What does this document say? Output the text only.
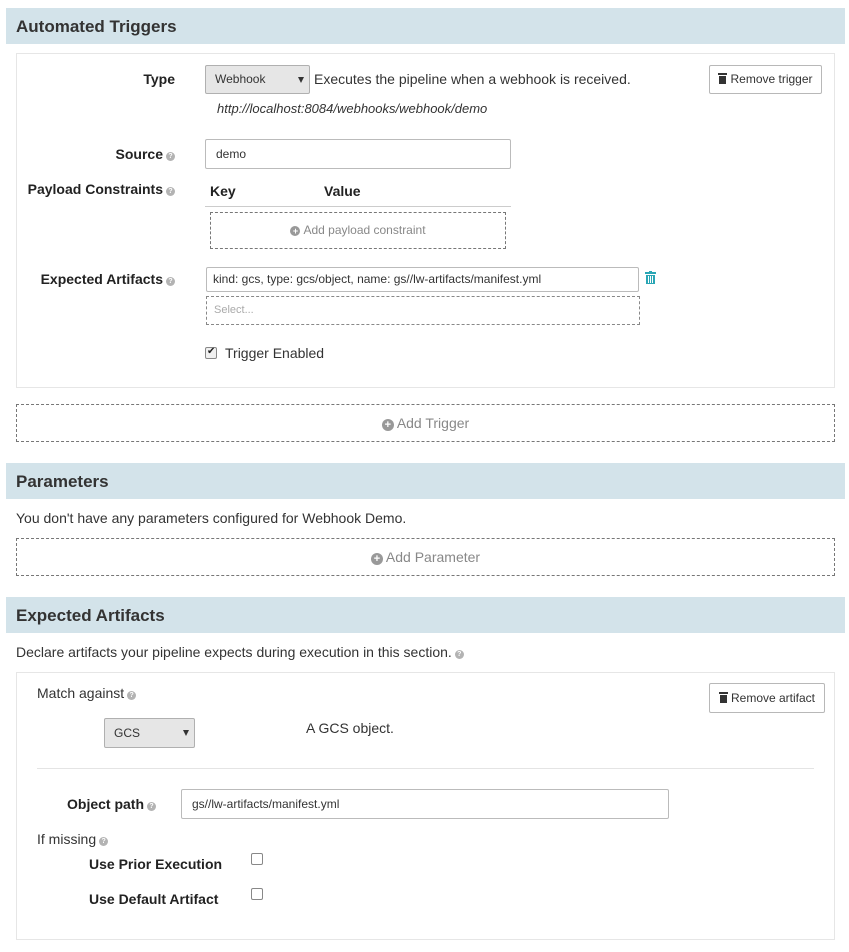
Automated Triggers
Type	Webhook	Executes the pipeline when a webhook is received.	Remove trigger
http://localhost:8084/webhooks/webhook/demo
Source ?	demo
Payload Constraints ?	Key	Value
+ Add payload constraint
Expected Artifacts ?	kind: gcs, type: gcs/object, name: gs//lw-artifacts/manifest.yml
Select...
✔
Trigger Enabled
+ Add Trigger
Parameters
You don't have any parameters configured for Webhook Demo.
+ Add Parameter
Expected Artifacts
Declare artifacts your pipeline expects during execution in this section. ?
Match against ?	Remove artifact
GCS	A GCS object.
Object path ?	gs//lw-artifacts/manifest.yml
If missing ?
Use Prior Execution
Use Default Artifact
